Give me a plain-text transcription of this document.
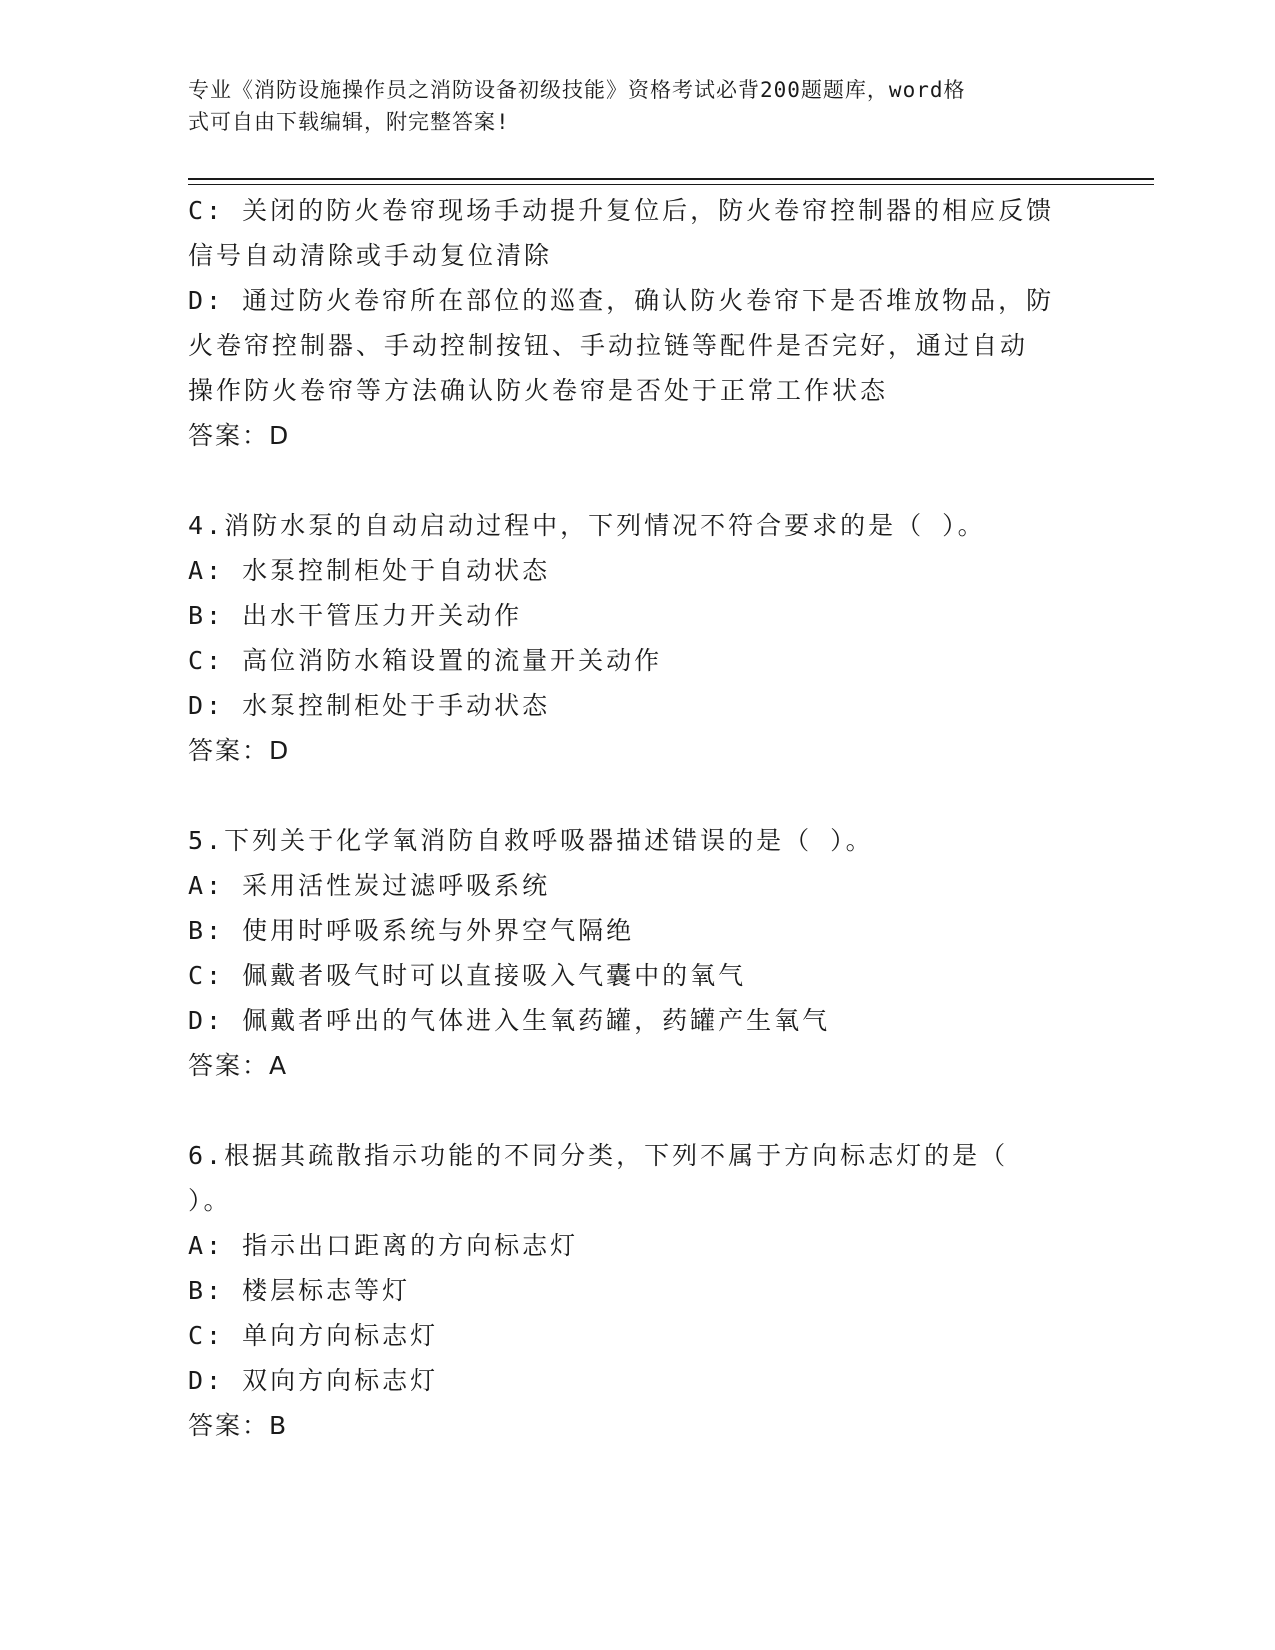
专业《消防设施操作员之消防设备初级技能》资格考试必背200题题库，word格
式可自由下载编辑，附完整答案!
C: 关闭的防火卷帘现场手动提升复位后，防火卷帘控制器的相应反馈
信号自动清除或手动复位清除
D: 通过防火卷帘所在部位的巡查，确认防火卷帘下是否堆放物品，防
火卷帘控制器、手动控制按钮、手动拉链等配件是否完好，通过自动
操作防火卷帘等方法确认防火卷帘是否处于正常工作状态
答案：D
4.消防水泵的自动启动过程中，下列情况不符合要求的是（ ）。
A: 水泵控制柜处于自动状态
B: 出水干管压力开关动作
C: 高位消防水箱设置的流量开关动作
D: 水泵控制柜处于手动状态
答案：D
5.下列关于化学氧消防自救呼吸器描述错误的是（ ）。
A: 采用活性炭过滤呼吸系统
B: 使用时呼吸系统与外界空气隔绝
C: 佩戴者吸气时可以直接吸入气囊中的氧气
D: 佩戴者呼出的气体进入生氧药罐，药罐产生氧气
答案：A
6.根据其疏散指示功能的不同分类，下列不属于方向标志灯的是（
）。
A: 指示出口距离的方向标志灯
B: 楼层标志等灯
C: 单向方向标志灯
D: 双向方向标志灯
答案：B
